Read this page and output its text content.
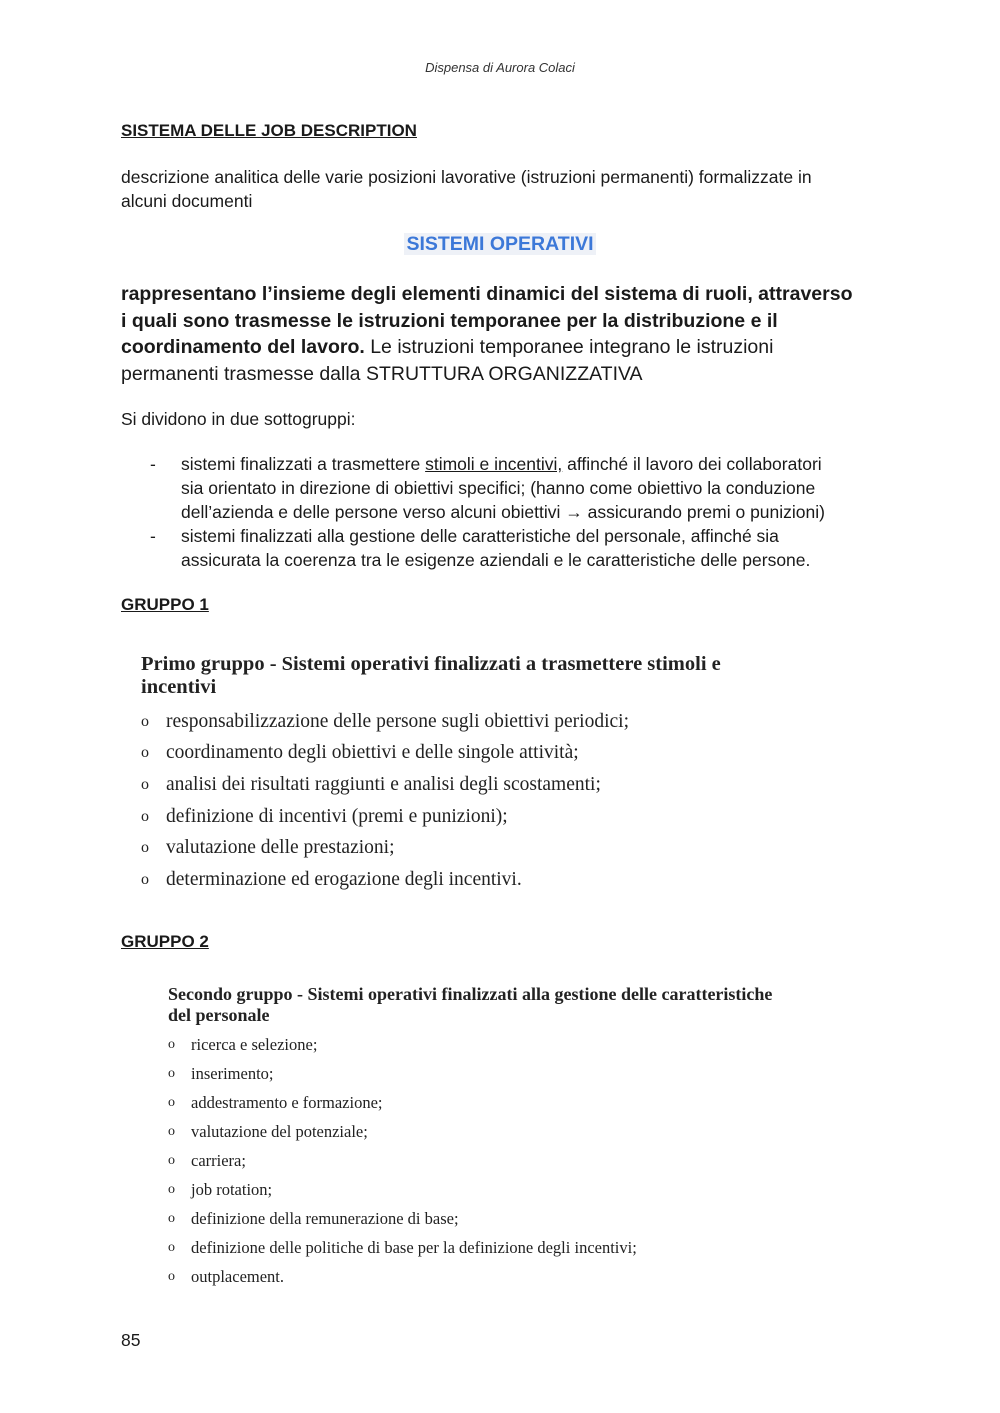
Dispensa di Aurora Colaci
SISTEMA DELLE JOB DESCRIPTION
descrizione analitica delle varie posizioni lavorative (istruzioni permanenti) formalizzate in
alcuni documenti
SISTEMI OPERATIVI
rappresentano l’insieme degli elementi dinamici del sistema di ruoli, attraverso
i quali sono trasmesse le istruzioni temporanee per la distribuzione e il
coordinamento del lavoro. Le istruzioni temporanee integrano le istruzioni
permanenti trasmesse dalla STRUTTURA ORGANIZZATIVA
Si dividono in due sottogruppi:
-	sistemi finalizzati a trasmettere stimoli e incentivi, affinché il lavoro dei collaboratori
sia orientato in direzione di obiettivi specifici; (hanno come obiettivo la conduzione
dell’azienda e delle persone verso alcuni obiettivi → assicurando premi o punizioni)
-	sistemi finalizzati alla gestione delle caratteristiche del personale, affinché sia
assicurata la coerenza tra le esigenze aziendali e le caratteristiche delle persone.
GRUPPO 1
Primo gruppo - Sistemi operativi finalizzati a trasmettere stimoli e
incentivi
o responsabilizzazione delle persone sugli obiettivi periodici;
o coordinamento degli obiettivi e delle singole attività;
o analisi dei risultati raggiunti e analisi degli scostamenti;
o definizione di incentivi (premi e punizioni);
o valutazione delle prestazioni;
o determinazione ed erogazione degli incentivi.
GRUPPO 2
Secondo gruppo - Sistemi operativi finalizzati alla gestione delle caratteristiche
del personale
o ricerca e selezione;
o inserimento;
o addestramento e formazione;
o valutazione del potenziale;
o carriera;
o job rotation;
o definizione della remunerazione di base;
o definizione delle politiche di base per la definizione degli incentivi;
o outplacement.
85
